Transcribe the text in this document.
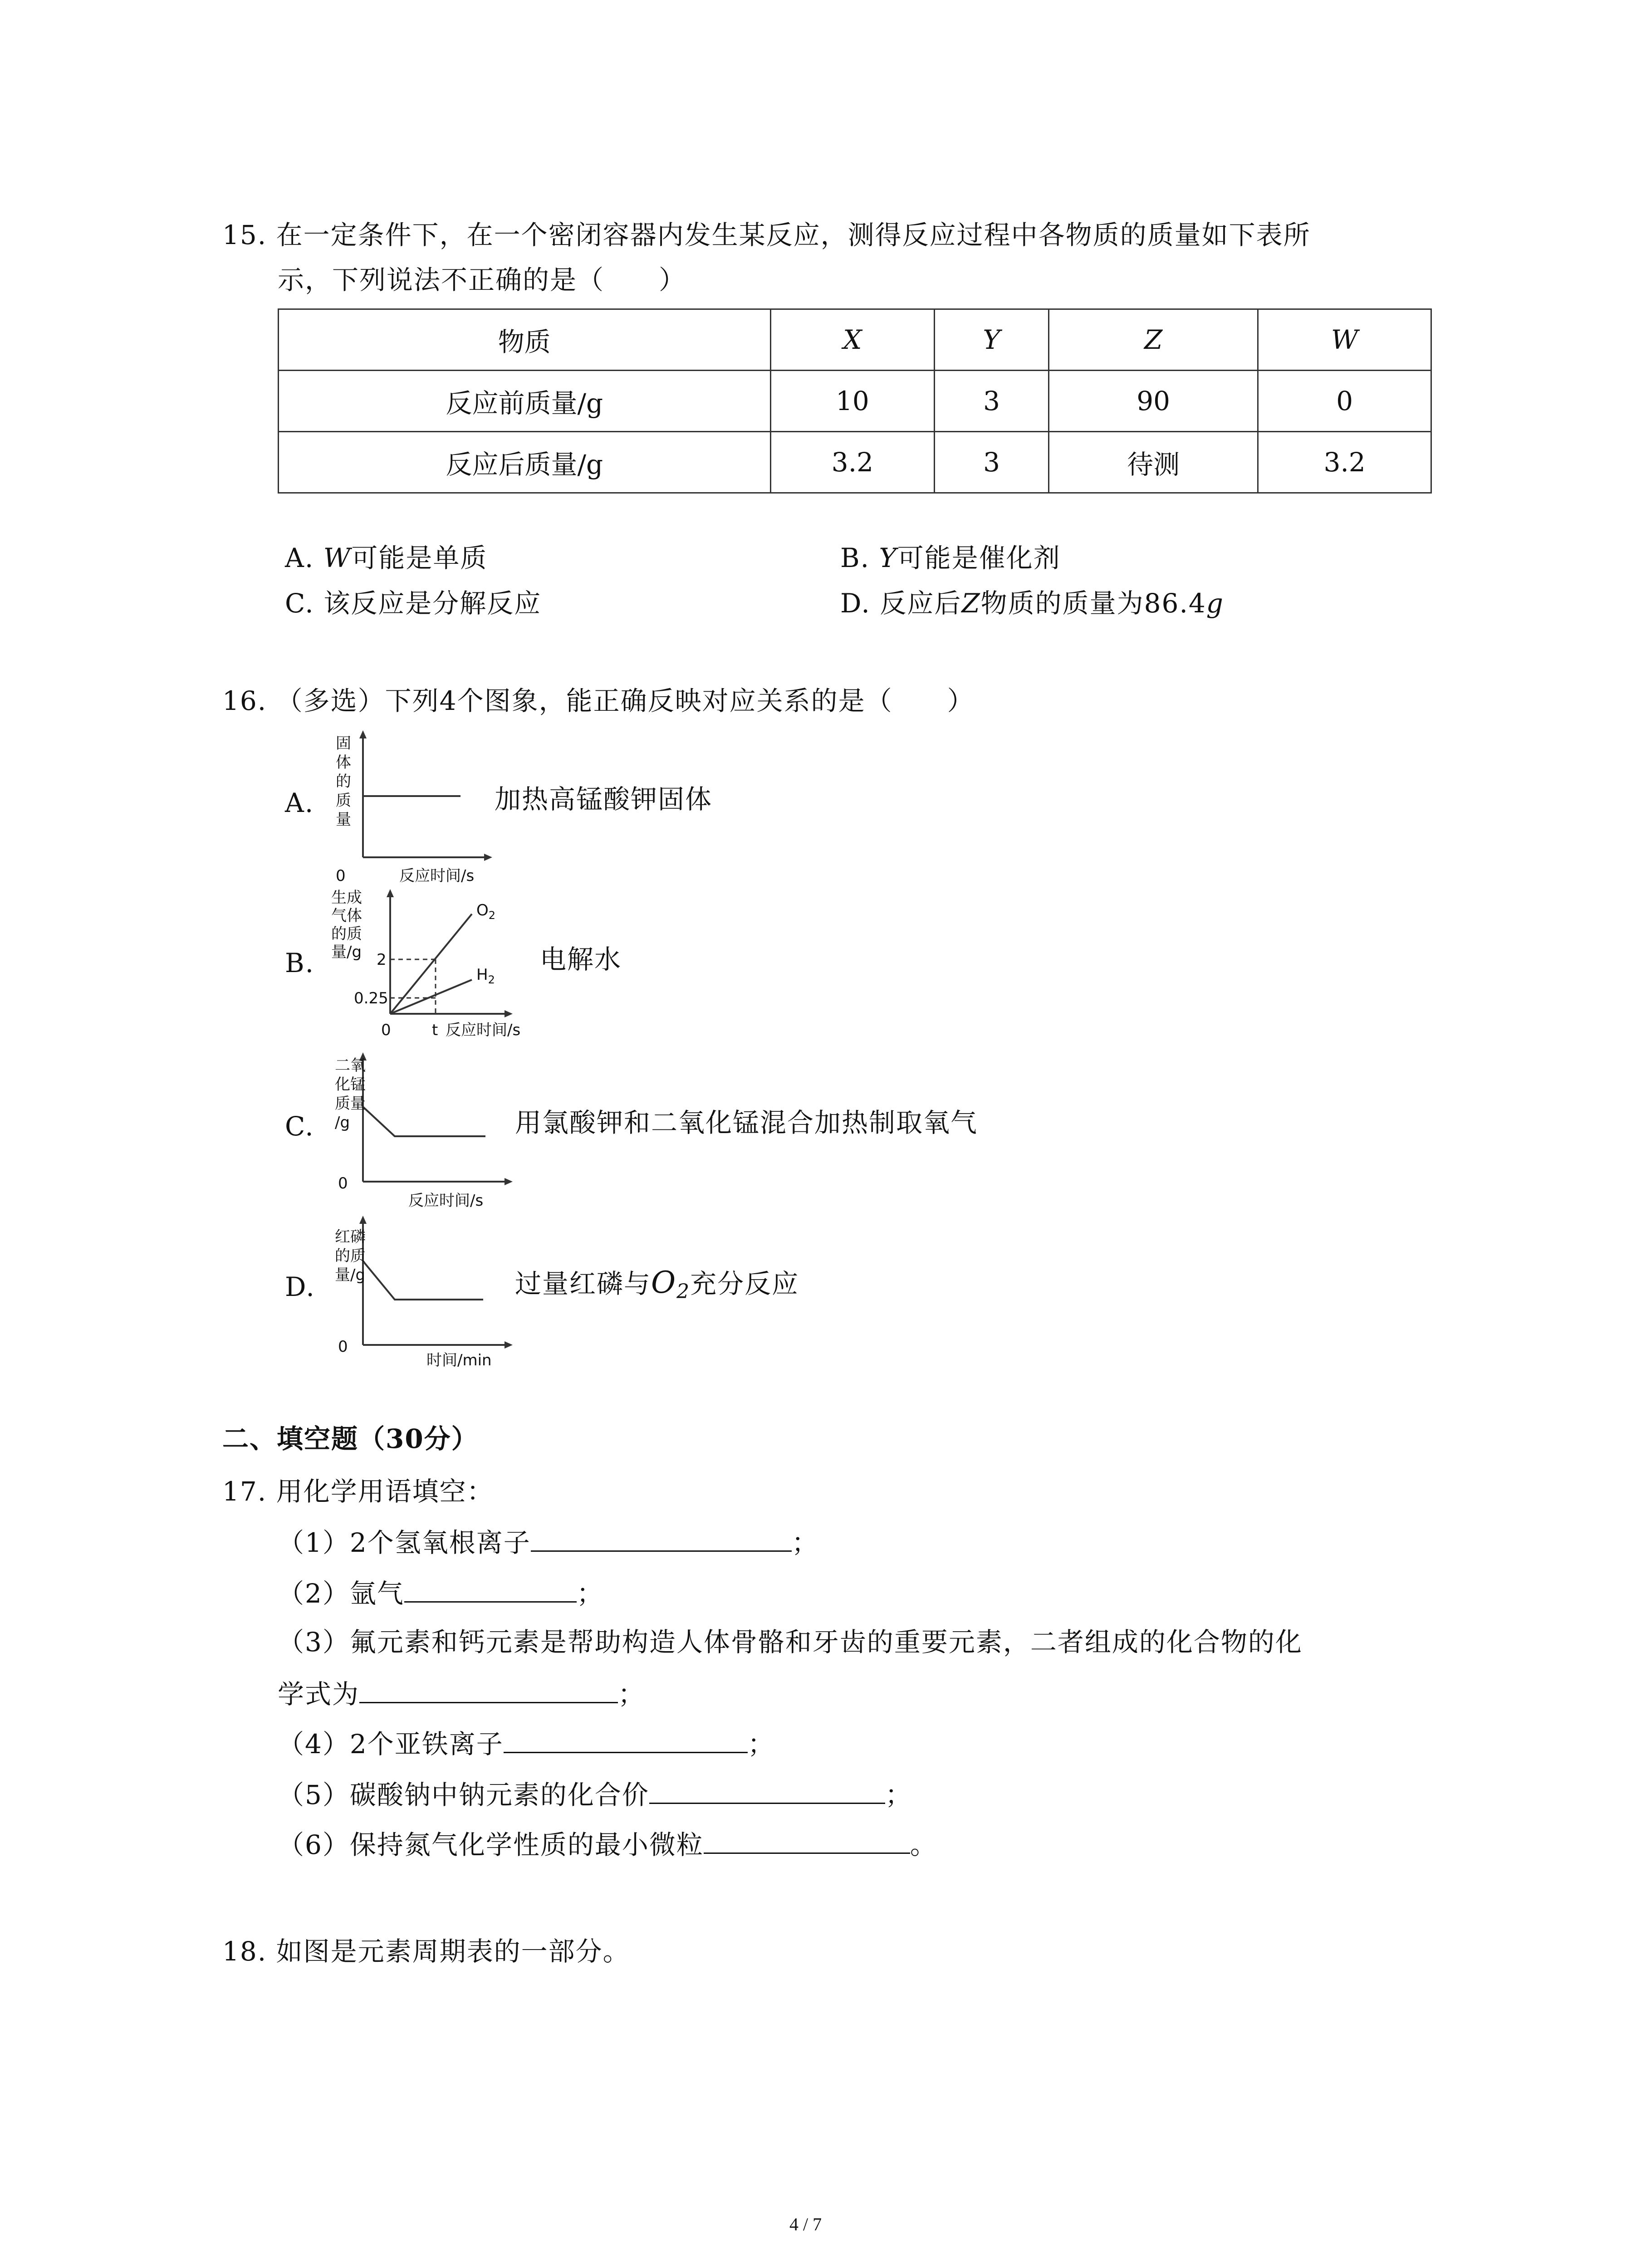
15. 在一定条件下，在一个密闭容器内发生某反应，测得反应过程中各物质的质量如下表所
示，下列说法不正确的是（　　）
物质	X	Y	Z	W
反应前质量/g	10	3	90	0
反应后质量/g	3.2	3	待测	3.2
A. W可能是单质	B. Y可能是催化剂
C. 该反应是分解反应	D. 反应后Z物质的质量为86.4g
16. （多选）下列4个图象，能正确反映对应关系的是（　　）
A.
固
体
的
质
量
0	反应时间/s
加热高锰酸钾固体
B.
生成
气体
的质
量/g 2
0.25
0	t 反应时间/s
$O_2$
$H_2$
电解水
C.
二氧
化锰
质量
/g
0
反应时间/s
用氯酸钾和二氧化锰混合加热制取氧气
D.
红磷
的质
量/g
0
时间/min
过量红磷与$O_2$充分反应
二、填空题（30分）
17. 用化学用语填空：
（1）2个氢氧根离子	；
（2）氩气	；
（3）氟元素和钙元素是帮助构造人体骨骼和牙齿的重要元素，二者组成的化合物的化
学式为	；
（4）2个亚铁离子	；
（5）碳酸钠中钠元素的化合价	；
（6）保持氮气化学性质的最小微粒	。
18. 如图是元素周期表的一部分。
4 / 7
